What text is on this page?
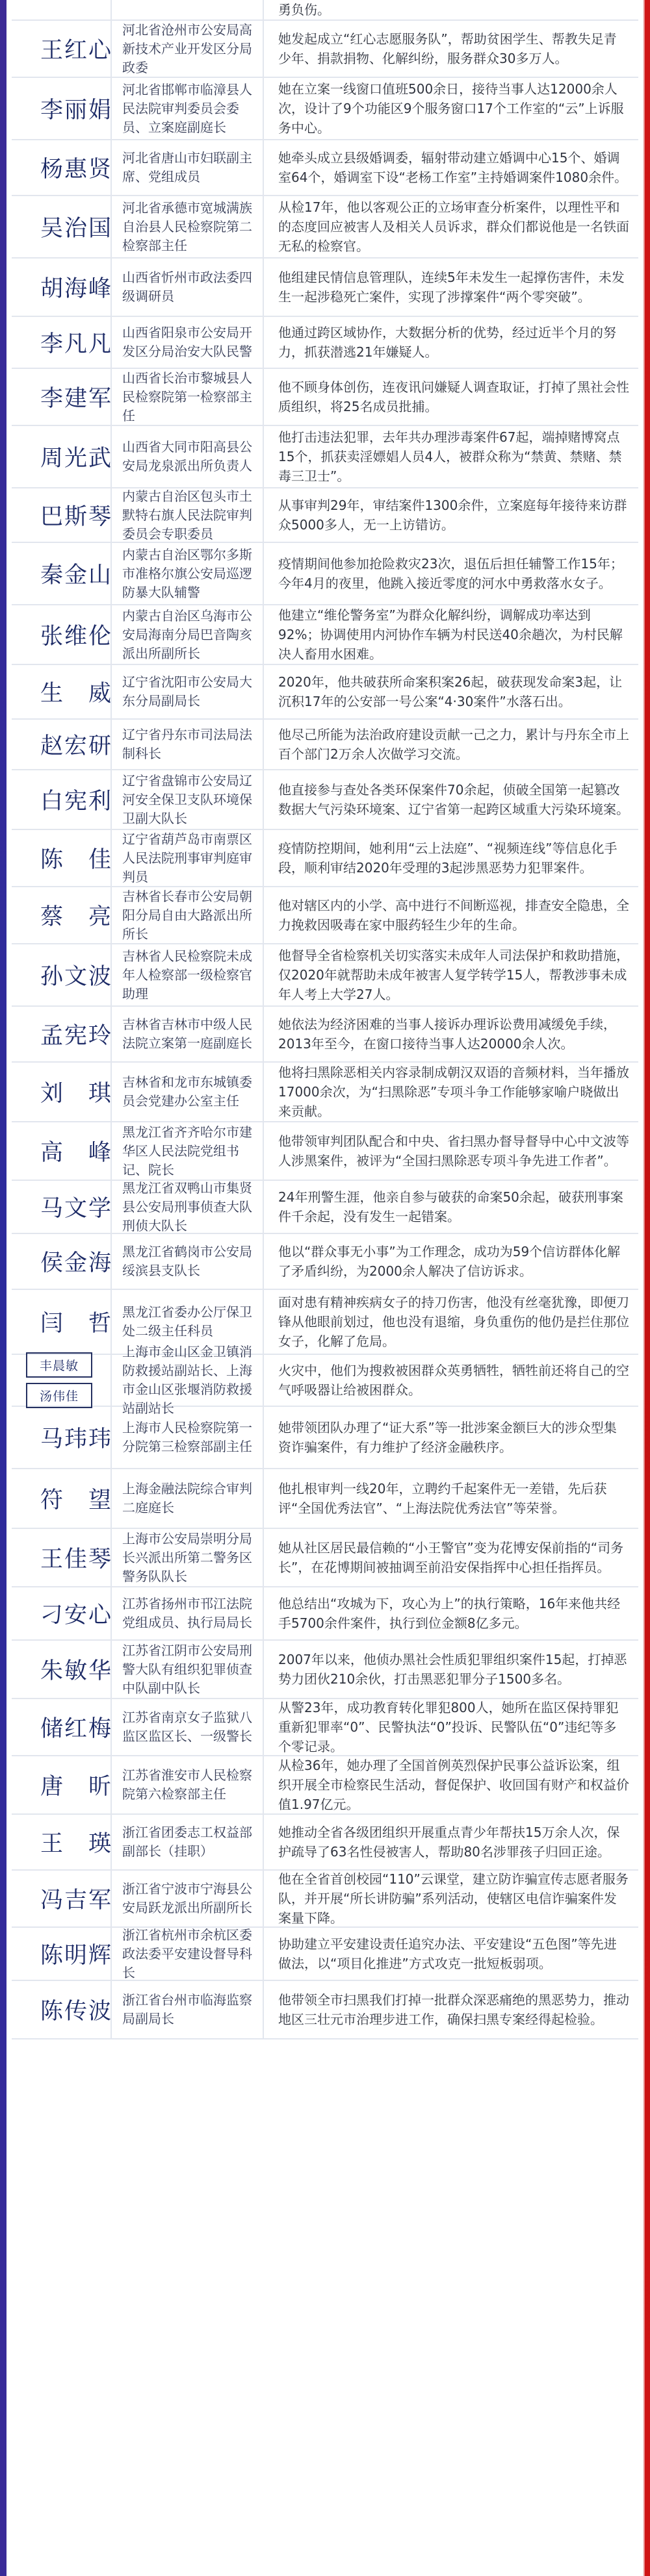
勇负伤。
王红心
河北省沧州市公安局高新技术产业开发区分局政委
她发起成立“红心志愿服务队”，帮助贫困学生、帮教失足青少年、捐款捐物、化解纠纷，服务群众30多万人。
李丽娟
河北省邯郸市临漳县人民法院审判委员会委员、立案庭副庭长
她在立案一线窗口值班500余日，接待当事人达12000余人次，设计了9个功能区9个服务窗口17个工作室的“云”上诉服务中心。
杨惠贤 河北省唐山市妇联副主席、党组成员
她牵头成立县级婚调委，辐射带动建立婚调中心15个、婚调室64个，婚调室下设“老杨工作室”主持婚调案件1080余件。
吴治国
河北省承德市宽城满族自治县人民检察院第二检察部主任
从检17年，他以客观公正的立场审查分析案件，以理性平和的态度回应被害人及相关人员诉求，群众们都说他是一名铁面无私的检察官。
胡海峰 山西省忻州市政法委四级调研员
他组建民情信息管理队，连续5年未发生一起撑伤害件，未发生一起涉稳死亡案件，实现了涉撑案件“两个零突破”。
李凡凡 山西省阳泉市公安局开发区分局治安大队民警
他通过跨区域协作，大数据分析的优势，经过近半个月的努力，抓获潜逃21年嫌疑人。
李建军
山西省长治市黎城县人民检察院第一检察部主任
他不顾身体创伤，连夜讯问嫌疑人调查取证，打掉了黑社会性质组织，将25名成员批捕。
周光武 山西省大同市阳高县公安局龙泉派出所负责人
他打击违法犯罪，去年共办理涉毒案件67起，端掉赌博窝点15个，抓获卖淫嫖娼人员4人，被群众称为“禁黄、禁赌、禁毒三卫士”。
巴斯琴
内蒙古自治区包头市土默特右旗人民法院审判委员会专职委员
从事审判29年，审结案件1300余件，立案庭每年接待来访群众5000多人，无一上访错访。
秦金山
内蒙古自治区鄂尔多斯市准格尔旗公安局巡逻防暴大队辅警
疫情期间他参加抢险救灾23次，退伍后担任辅警工作15年；今年4月的夜里，他跳入接近零度的河水中勇救落水女子。
张维伦
内蒙古自治区乌海市公安局海南分局巴音陶亥派出所副所长
他建立“维伦警务室”为群众化解纠纷，调解成功率达到92%；协调使用内河协作车辆为村民送40余趟次，为村民解决人畜用水困难。
生　威 辽宁省沈阳市公安局大东分局副局长
2020年，他共破获所命案积案26起，破获现发命案3起，让沉积17年的公安部一号公案“4·30案件”水落石出。
赵宏研 辽宁省丹东市司法局法制科长
他尽己所能为法治政府建设贡献一己之力，累计与丹东全市上百个部门2万余人次做学习交流。
白宪利
辽宁省盘锦市公安局辽河安全保卫支队环境保卫副大队长
他直接参与查处各类环保案件70余起，侦破全国第一起篡改数据大气污染环境案、辽宁省第一起跨区域重大污染环境案。
陈　佳
辽宁省葫芦岛市南票区人民法院刑事审判庭审判员
疫情防控期间，她利用“云上法庭”、“视频连线”等信息化手段，顺利审结2020年受理的3起涉黑恶势力犯罪案件。
蔡　亮
吉林省长春市公安局朝阳分局自由大路派出所所长
他对辖区内的小学、高中进行不间断巡视，排查安全隐患，全力挽救因吸毒在家中服药轻生少年的生命。
孙文波
吉林省人民检察院未成年人检察部一级检察官助理
他督导全省检察机关切实落实未成年人司法保护和救助措施，仅2020年就帮助未成年被害人复学转学15人，帮教涉事未成年人考上大学27人。
孟宪玲 吉林省吉林市中级人民法院立案第一庭副庭长
她依法为经济困难的当事人接诉办理诉讼费用减缓免手续，2013年至今，在窗口接待当事人达20000余人次。
刘　琪 吉林省和龙市东城镇委员会党建办公室主任
他将扫黑除恶相关内容录制成朝汉双语的音频材料，当年播放17000余次，为“扫黑除恶”专项斗争工作能够家喻户晓做出来贡献。
高　峰
黑龙江省齐齐哈尔市建华区人民法院党组书记、院长
他带领审判团队配合和中央、省扫黑办督导督导中心中文波等人涉黑案件，被评为“全国扫黑除恶专项斗争先进工作者”。
马文学
黑龙江省双鸭山市集贤县公安局刑事侦查大队刑侦大队长
24年刑警生涯，他亲自参与破获的命案50余起，破获刑事案件千余起，没有发生一起错案。
侯金海 黑龙江省鹤岗市公安局绥滨县支队长
他以“群众事无小事”为工作理念，成功为59个信访群体化解了矛盾纠纷，为2000余人解决了信访诉求。
闫　哲 黑龙江省委办公厅保卫处二级主任科员
面对患有精神疾病女子的持刀伤害，他没有丝毫犹豫，即便刀锋从他眼前划过，他也没有退缩，身负重伤的他仍是拦住那位女子，化解了危局。
丰晨敏
汤伟佳
上海市金山区金卫镇消防救援站副站长、上海市金山区张堰消防救援站副站长
火灾中，他们为搜救被困群众英勇牺牲，牺牲前还将自己的空气呼吸器让给被困群众。
马玮玮 上海市人民检察院第一分院第三检察部副主任
她带领团队办理了“证大系”等一批涉案金额巨大的涉众型集资诈骗案件，有力维护了经济金融秩序。
符　望 上海金融法院综合审判二庭庭长
他扎根审判一线20年，立聘约千起案件无一差错，先后获评“全国优秀法官”、“上海法院优秀法官”等荣誉。
王佳琴
上海市公安局崇明分局长兴派出所第二警务区警务队队长
她从社区居民最信赖的“小王警官”变为花博安保前指的“司务长”，在花博期间被抽调至前沿安保指挥中心担任指挥员。
刁安心 江苏省扬州市邗江法院党组成员、执行局局长
他总结出“攻城为下，攻心为上”的执行策略，16年来他共经手5700余件案件，执行到位金额8亿多元。
朱敏华
江苏省江阴市公安局刑警大队有组织犯罪侦查中队副中队长
2007年以来，他侦办黑社会性质犯罪组织案件15起，打掉恶势力团伙210余伙，打击黑恶犯罪分子1500多名。
储红梅 江苏省南京女子监狱八监区监区长、一级警长
从警23年，成功教育转化罪犯800人，她所在监区保持罪犯重新犯罪率“0”、民警执法“0”投诉、民警队伍“0”违纪等多个零记录。
唐　昕 江苏省淮安市人民检察院第六检察部主任
从检36年，她办理了全国首例英烈保护民事公益诉讼案，组织开展全市检察民生活动，督促保护、收回国有财产和权益价值1.97亿元。
王　瑛 浙江省团委志工权益部副部长（挂职）
她推动全省各级团组织开展重点青少年帮扶15万余人次，保护疏导了63名性侵被害人，帮助80名涉罪孩子归回正途。
冯吉军 浙江省宁波市宁海县公安局跃龙派出所副所长
他在全省首创校园“110”云课堂，建立防诈骗宣传志愿者服务队，并开展“所长讲防骗”系列活动，使辖区电信诈骗案件发案量下降。
陈明辉
浙江省杭州市余杭区委政法委平安建设督导科长
协助建立平安建设责任追究办法、平安建设“五色图”等先进做法，以“项目化推进”方式攻克一批短板弱项。
陈传波 浙江省台州市临海监察局副局长
他带领全市扫黑我们打掉一批群众深恶痛绝的黑恶势力，推动地区三壮元市治理步进工作，确保扫黑专案经得起检验。
